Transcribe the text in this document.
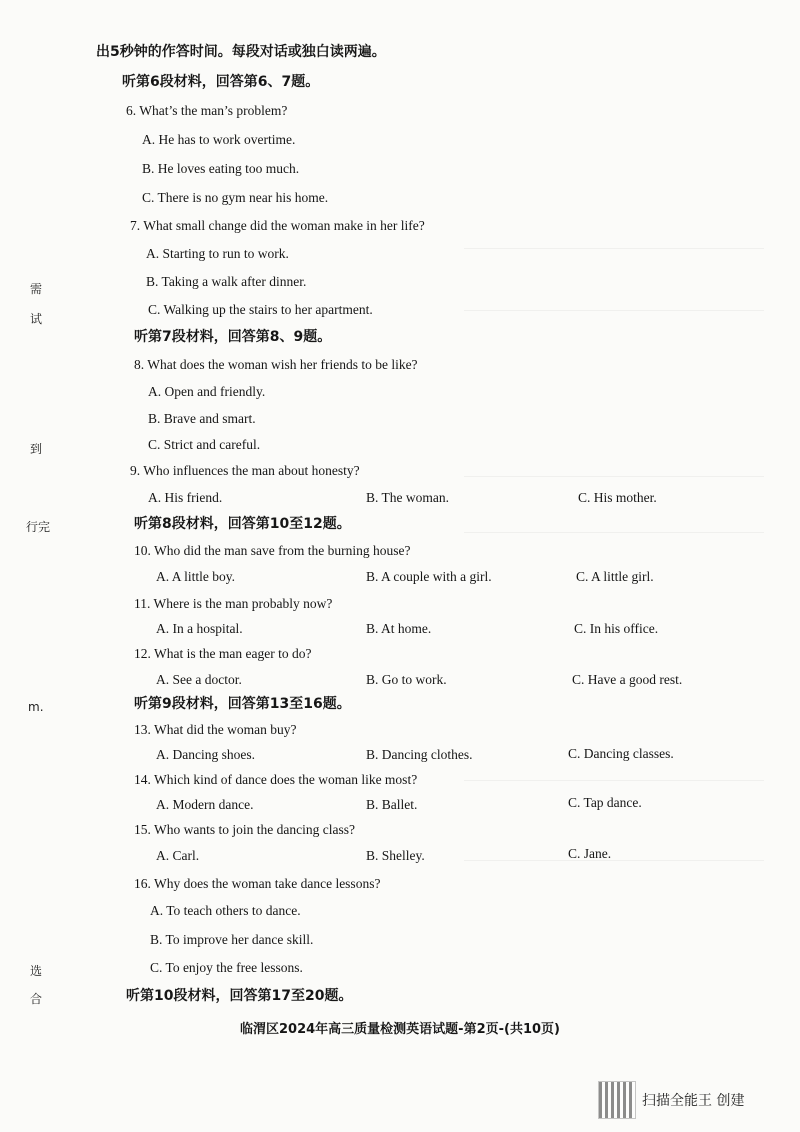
需
试
到
行完
m.
选
合
出5秒钟的作答时间。每段对话或独白读两遍。
听第6段材料，回答第6、7题。
6. What’s the man’s problem?
A. He has to work overtime.
B. He loves eating too much.
C. There is no gym near his home.
7. What small change did the woman make in her life?
A. Starting to run to work.
B. Taking a walk after dinner.
C. Walking up the stairs to her apartment.
听第7段材料，回答第8、9题。
8. What does the woman wish her friends to be like?
A. Open and friendly.
B. Brave and smart.
C. Strict and careful.
9. Who influences the man about honesty?
A. His friend.	B. The woman.	C. His mother.
听第8段材料，回答第10至12题。
10. Who did the man save from the burning house?
A. A little boy.	B. A couple with a girl.	C. A little girl.
11. Where is the man probably now?
A. In a hospital.	B. At home.	C. In his office.
12. What is the man eager to do?
A. See a doctor.	B. Go to work.	C. Have a good rest.
听第9段材料，回答第13至16题。
13. What did the woman buy?
A. Dancing shoes.	B. Dancing clothes.	C. Dancing classes.
14. Which kind of dance does the woman like most?
A. Modern dance.	B. Ballet.	C. Tap dance.
15. Who wants to join the dancing class?
A. Carl.	B. Shelley.	C. Jane.
16. Why does the woman take dance lessons?
A. To teach others to dance.
B. To improve her dance skill.
C. To enjoy the free lessons.
听第10段材料，回答第17至20题。
临渭区2024年高三质量检测英语试题-第2页-(共10页)
扫描全能王 创建
